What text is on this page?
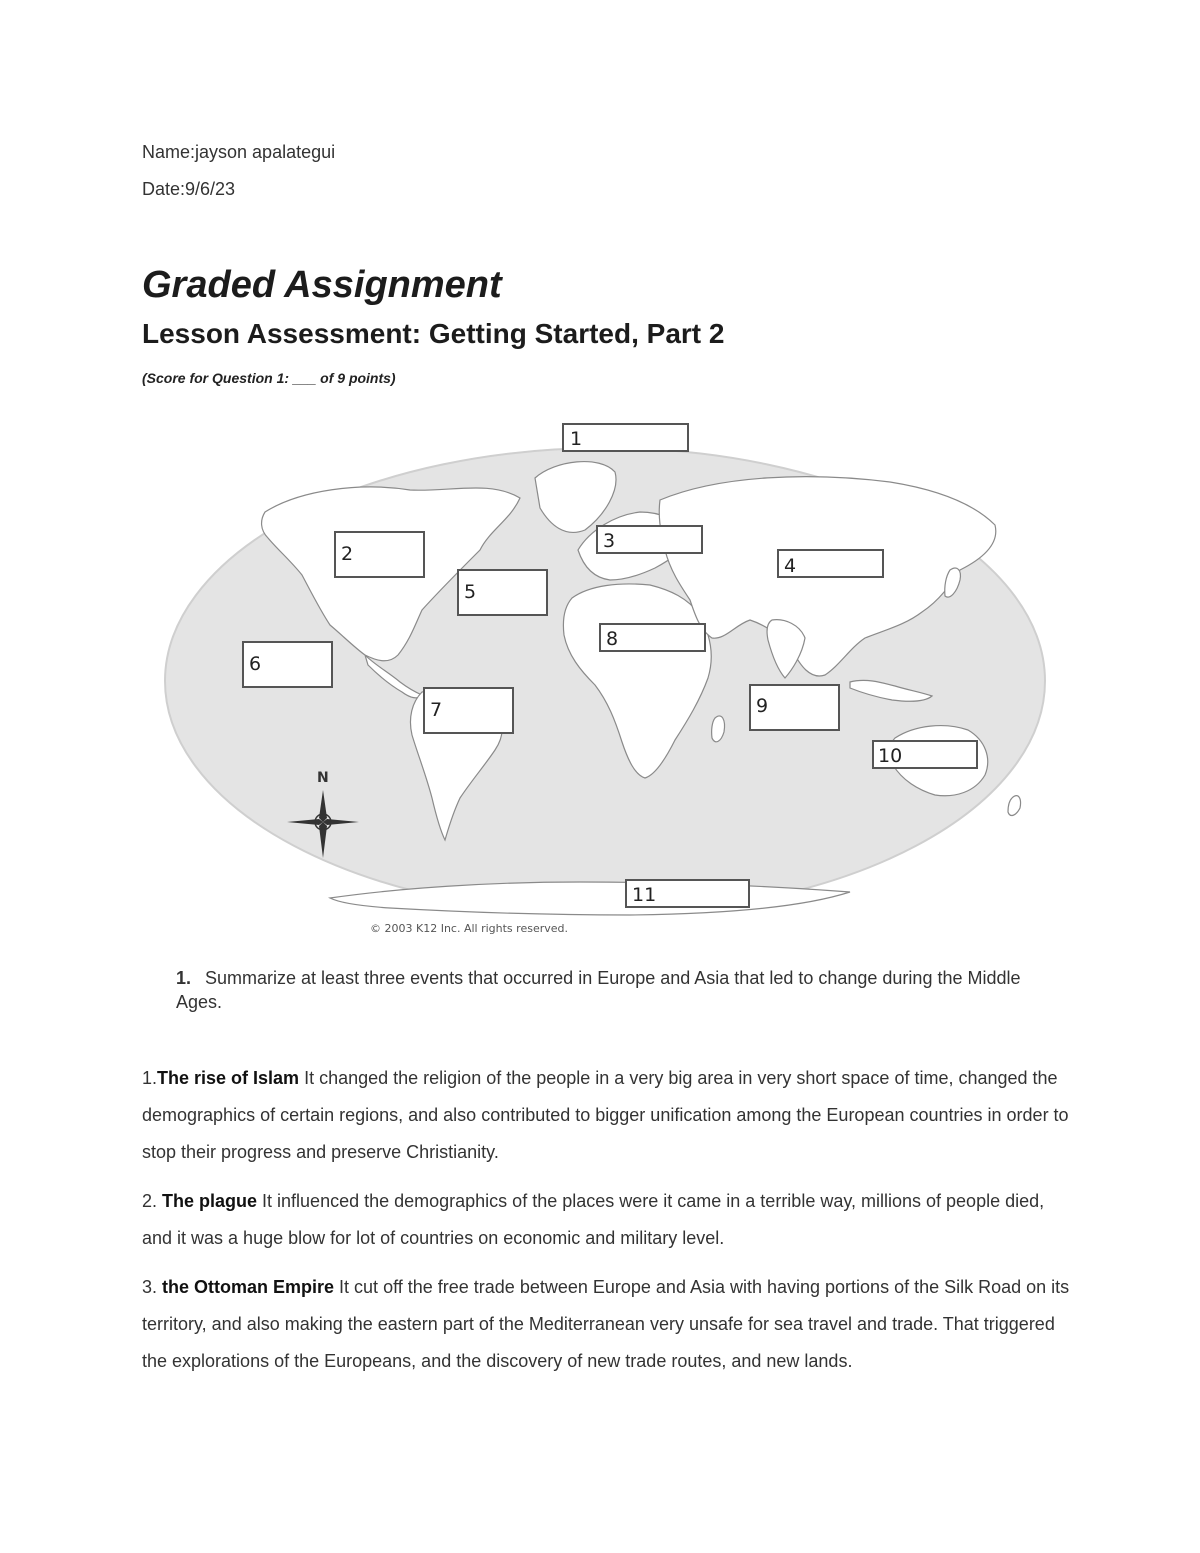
Name:jayson apalategui
Date:9/6/23
Graded Assignment
Lesson Assessment: Getting Started, Part 2
(Score for Question 1: ___ of 9 points)
1
2
3
4
5
6
7
8
9
10
11
N
© 2003 K12 Inc. All rights reserved.
1. Summarize at least three events that occurred in Europe and Asia that led to change during the Middle Ages.

1.The rise of Islam It changed the religion of the people in a very big area in very short space of time, changed the demographics of certain regions, and also contributed to bigger unification among the European countries in order to stop their progress and preserve Christianity.

2. The plague It influenced the demographics of the places were it came in a terrible way, millions of people died, and it was a huge blow for lot of countries on economic and military level.

3. the Ottoman Empire It cut off the free trade between Europe and Asia with having portions of the Silk Road on its territory, and also making the eastern part of the Mediterranean very unsafe for sea travel and trade. That triggered the explorations of the Europeans, and the discovery of new trade routes, and new lands.
